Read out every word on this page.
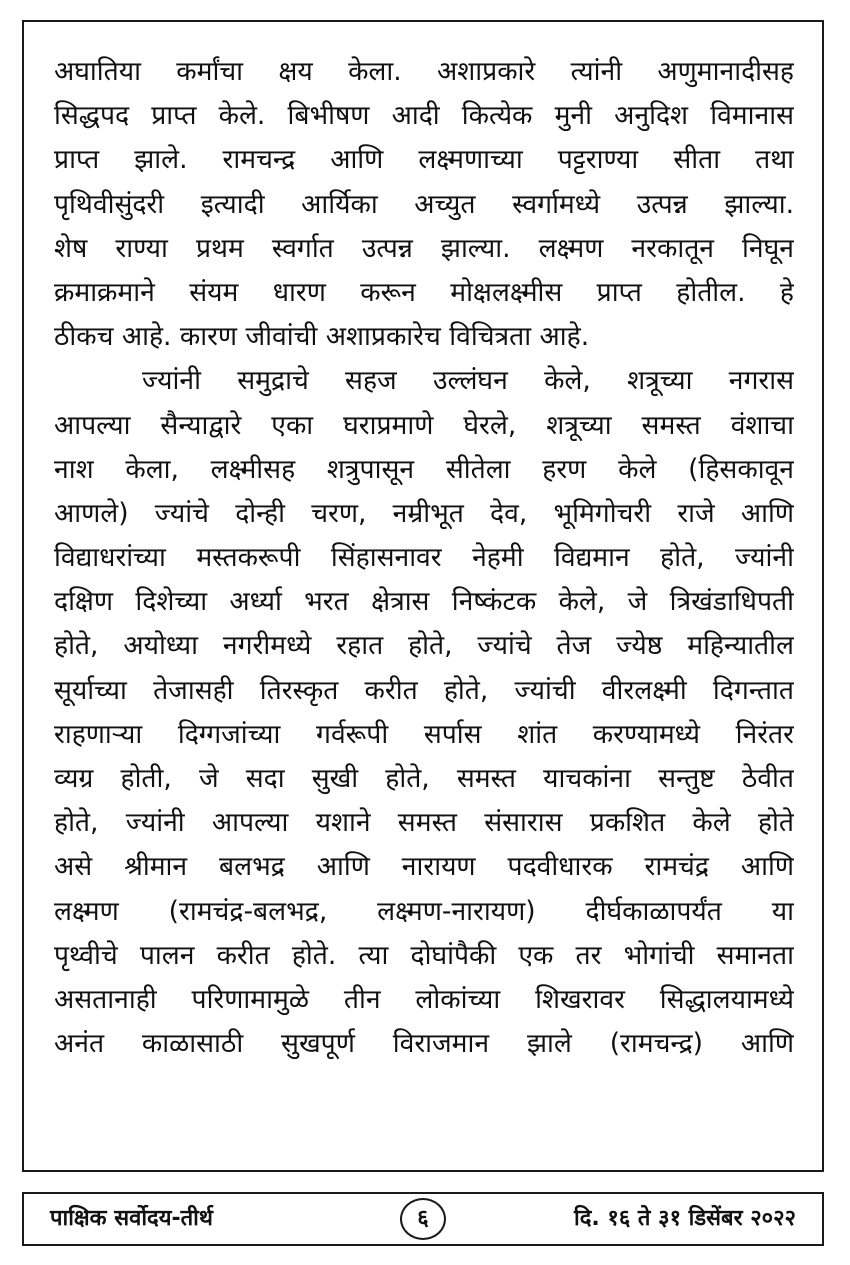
अघातिया कर्मांचा क्षय केला. अशाप्रकारे त्यांनी अणुमानादीसह
सिद्धपद प्राप्त केले. बिभीषण आदी कित्येक मुनी अनुदिश विमानास
प्राप्त झाले. रामचन्द्र आणि लक्ष्मणाच्या पट्टराण्या सीता तथा
पृथिवीसुंदरी इत्यादी आर्यिका अच्युत स्वर्गामध्ये उत्पन्न झाल्या.
शेष राण्या प्रथम स्वर्गात उत्पन्न झाल्या. लक्ष्मण नरकातून निघून
क्रमाक्रमाने संयम धारण करून मोक्षलक्ष्मीस प्राप्त होतील. हे
ठीकच आहे. कारण जीवांची अशाप्रकारेच विचित्रता आहे.
ज्यांनी समुद्राचे सहज उल्लंघन केले, शत्रूच्या नगरास
आपल्या सैन्याद्वारे एका घराप्रमाणे घेरले, शत्रूच्या समस्त वंशाचा
नाश केला, लक्ष्मीसह शत्रुपासून सीतेला हरण केले (हिसकावून
आणले) ज्यांचे दोन्ही चरण, नम्रीभूत देव, भूमिगोचरी राजे आणि
विद्याधरांच्या मस्तकरूपी सिंहासनावर नेहमी विद्यमान होते, ज्यांनी
दक्षिण दिशेच्या अर्ध्या भरत क्षेत्रास निष्कंटक केले, जे त्रिखंडाधिपती
होते, अयोध्या नगरीमध्ये रहात होते, ज्यांचे तेज ज्येष्ठ महिन्यातील
सूर्याच्या तेजासही तिरस्कृत करीत होते, ज्यांची वीरलक्ष्मी दिगन्तात
राहणाऱ्या दिग्गजांच्या गर्वरूपी सर्पास शांत करण्यामध्ये निरंतर
व्यग्र होती, जे सदा सुखी होते, समस्त याचकांना सन्तुष्ट ठेवीत
होते, ज्यांनी आपल्या यशाने समस्त संसारास प्रकशित केले होते
असे श्रीमान बलभद्र आणि नारायण पदवीधारक रामचंद्र आणि
लक्ष्मण (रामचंद्र-बलभद्र, लक्ष्मण-नारायण) दीर्घकाळापर्यंत या
पृथ्वीचे पालन करीत होते. त्या दोघांपैकी एक तर भोगांची समानता
असतानाही परिणामामुळे तीन लोकांच्या शिखरावर सिद्धालयामध्ये
अनंत काळासाठी सुखपूर्ण विराजमान झाले (रामचन्द्र) आणि
पाक्षिक सर्वोदय-तीर्थ	६	दि. १६ ते ३१ डिसेंबर २०२२
